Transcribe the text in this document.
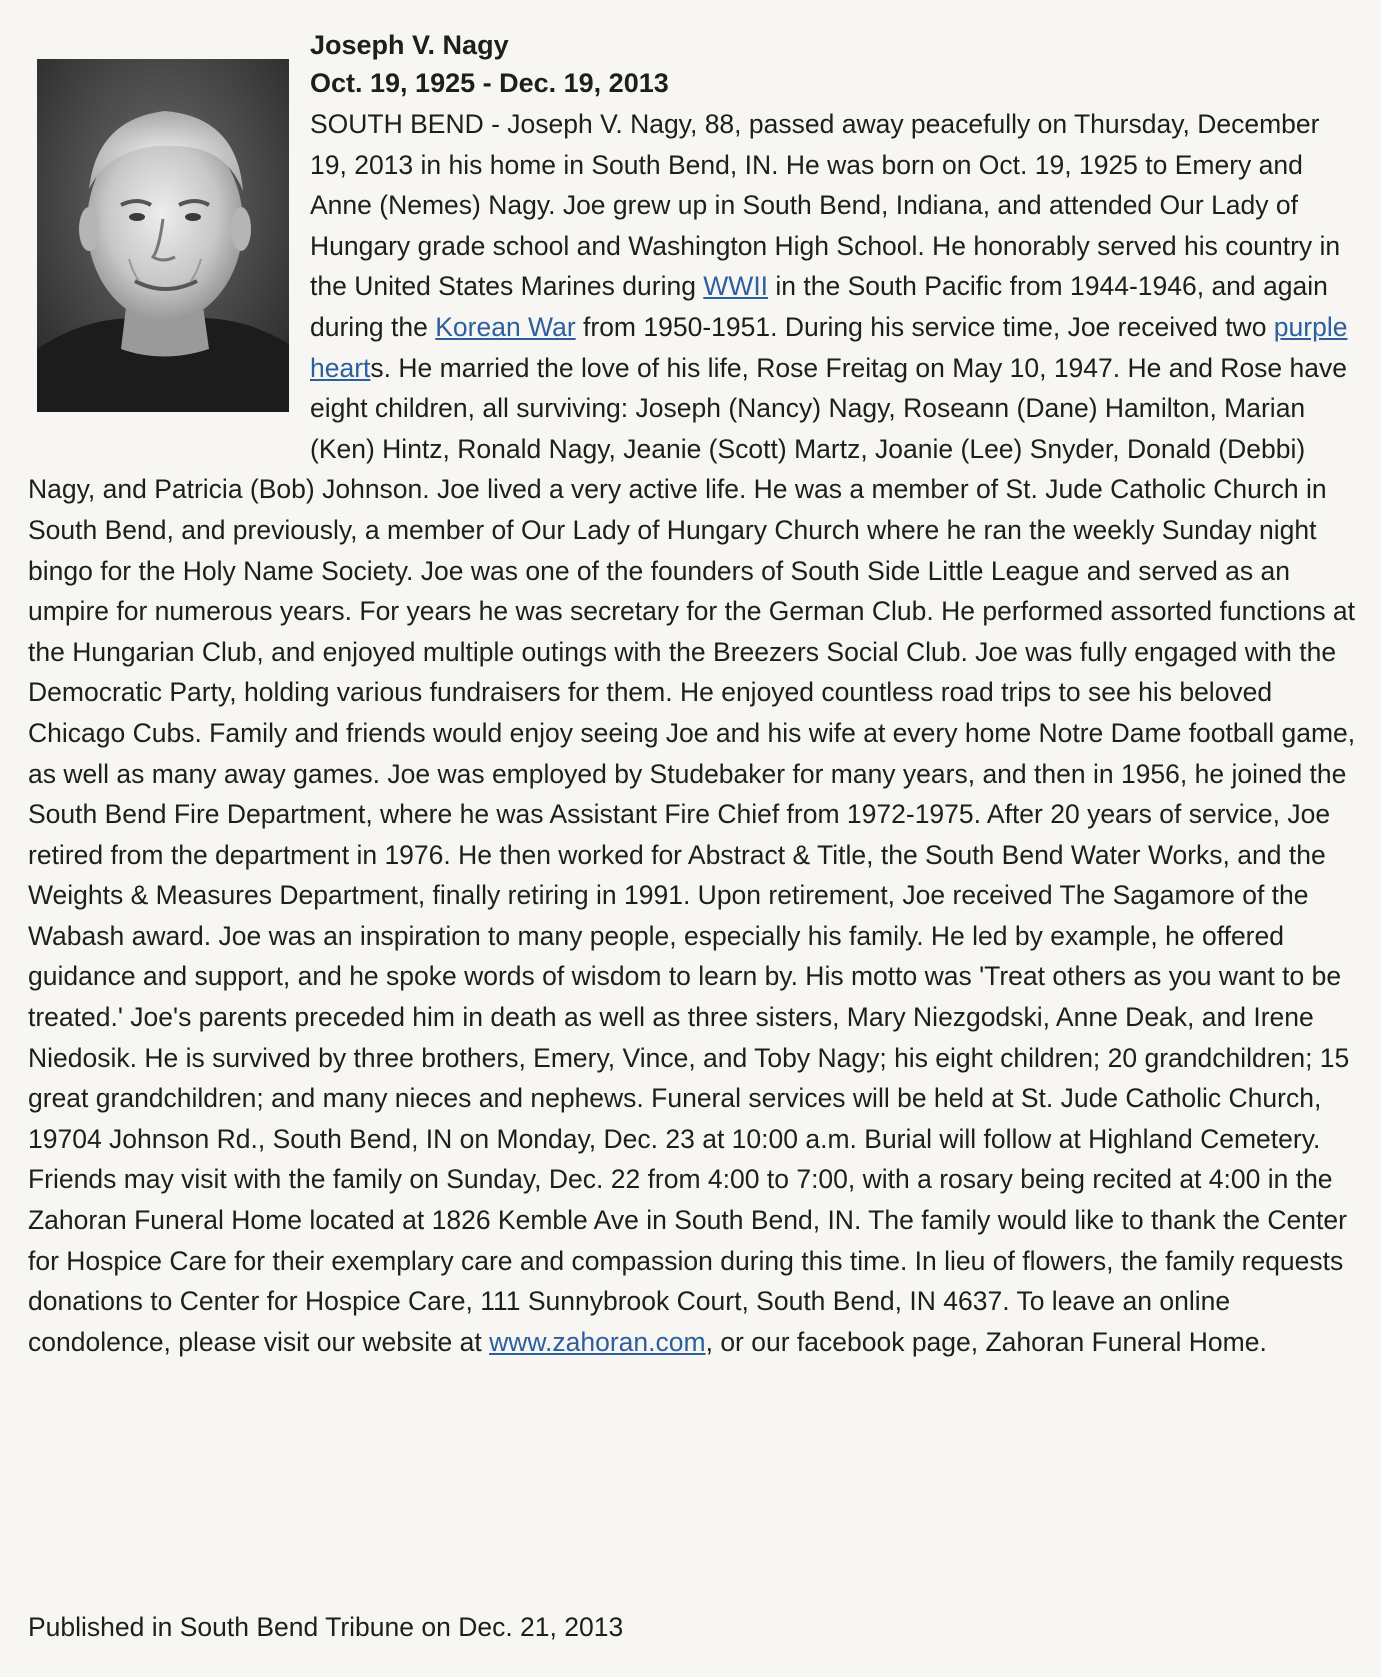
Joseph V. Nagy

Oct. 19, 1925 - Dec. 19, 2013

SOUTH BEND - Joseph V. Nagy, 88, passed away peacefully on Thursday, December 19, 2013 in his home in South Bend, IN. He was born on Oct. 19, 1925 to Emery and Anne (Nemes) Nagy. Joe grew up in South Bend, Indiana, and attended Our Lady of Hungary grade school and Washington High School. He honorably served his country in the United States Marines during WWII in the South Pacific from 1944-1946, and again during the Korean War from 1950-1951. During his service time, Joe received two purple hearts. He married the love of his life, Rose Freitag on May 10, 1947. He and Rose have eight children, all surviving: Joseph (Nancy) Nagy, Roseann (Dane) Hamilton, Marian (Ken) Hintz, Ronald Nagy, Jeanie (Scott) Martz, Joanie (Lee) Snyder, Donald (Debbi) Nagy, and Patricia (Bob) Johnson. Joe lived a very active life. He was a member of St. Jude Catholic Church in South Bend, and previously, a member of Our Lady of Hungary Church where he ran the weekly Sunday night bingo for the Holy Name Society. Joe was one of the founders of South Side Little League and served as an umpire for numerous years. For years he was secretary for the German Club. He performed assorted functions at the Hungarian Club, and enjoyed multiple outings with the Breezers Social Club. Joe was fully engaged with the Democratic Party, holding various fundraisers for them. He enjoyed countless road trips to see his beloved Chicago Cubs. Family and friends would enjoy seeing Joe and his wife at every home Notre Dame football game, as well as many away games. Joe was employed by Studebaker for many years, and then in 1956, he joined the South Bend Fire Department, where he was Assistant Fire Chief from 1972-1975. After 20 years of service, Joe retired from the department in 1976. He then worked for Abstract & Title, the South Bend Water Works, and the Weights & Measures Department, finally retiring in 1991. Upon retirement, Joe received The Sagamore of the Wabash award. Joe was an inspiration to many people, especially his family. He led by example, he offered guidance and support, and he spoke words of wisdom to learn by. His motto was 'Treat others as you want to be treated.' Joe's parents preceded him in death as well as three sisters, Mary Niezgodski, Anne Deak, and Irene Niedosik. He is survived by three brothers, Emery, Vince, and Toby Nagy; his eight children; 20 grandchildren; 15 great grandchildren; and many nieces and nephews. Funeral services will be held at St. Jude Catholic Church, 19704 Johnson Rd., South Bend, IN on Monday, Dec. 23 at 10:00 a.m. Burial will follow at Highland Cemetery. Friends may visit with the family on Sunday, Dec. 22 from 4:00 to 7:00, with a rosary being recited at 4:00 in the Zahoran Funeral Home located at 1826 Kemble Ave in South Bend, IN. The family would like to thank the Center for Hospice Care for their exemplary care and compassion during this time. In lieu of flowers, the family requests donations to Center for Hospice Care, 111 Sunnybrook Court, South Bend, IN 4637. To leave an online condolence, please visit our website at www.zahoran.com, or our facebook page, Zahoran Funeral Home.

Published in South Bend Tribune on Dec. 21, 2013
